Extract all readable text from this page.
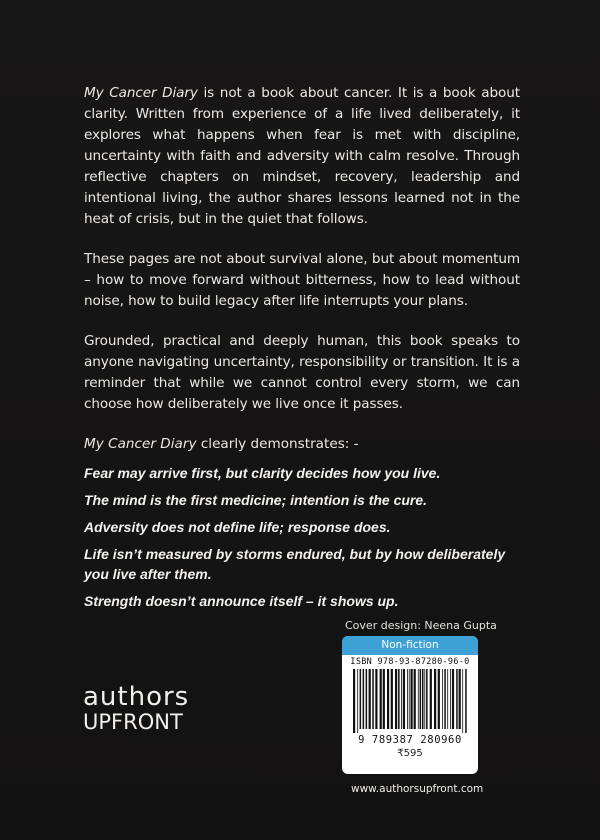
My Cancer Diary is not a book about cancer. It is a book about clarity. Written from experience of a life lived deliberately, it explores what happens when fear is met with discipline, uncertainty with faith and adversity with calm resolve. Through reflective chapters on mindset, recovery, leadership and intentional living, the author shares lessons learned not in the heat of crisis, but in the quiet that follows.

These pages are not about survival alone, but about momentum – how to move forward without bitterness, how to lead without noise, how to build legacy after life interrupts your plans.

Grounded, practical and deeply human, this book speaks to anyone navigating uncertainty, responsibility or transition. It is a reminder that while we cannot control every storm, we can choose how deliberately we live once it passes.

My Cancer Diary clearly demonstrates: -
Fear may arrive first, but clarity decides how you live.
The mind is the first medicine; intention is the cure.
Adversity does not define life; response does.
Life isn’t measured by storms endured, but by how deliberately you live after them.
Strength doesn’t announce itself – it shows up.
authors
UPFRONT
Cover design: Neena Gupta
Non-fiction
ISBN 978-93-87280-96-0
9 789387 280960
₹595
www.authorsupfront.com
